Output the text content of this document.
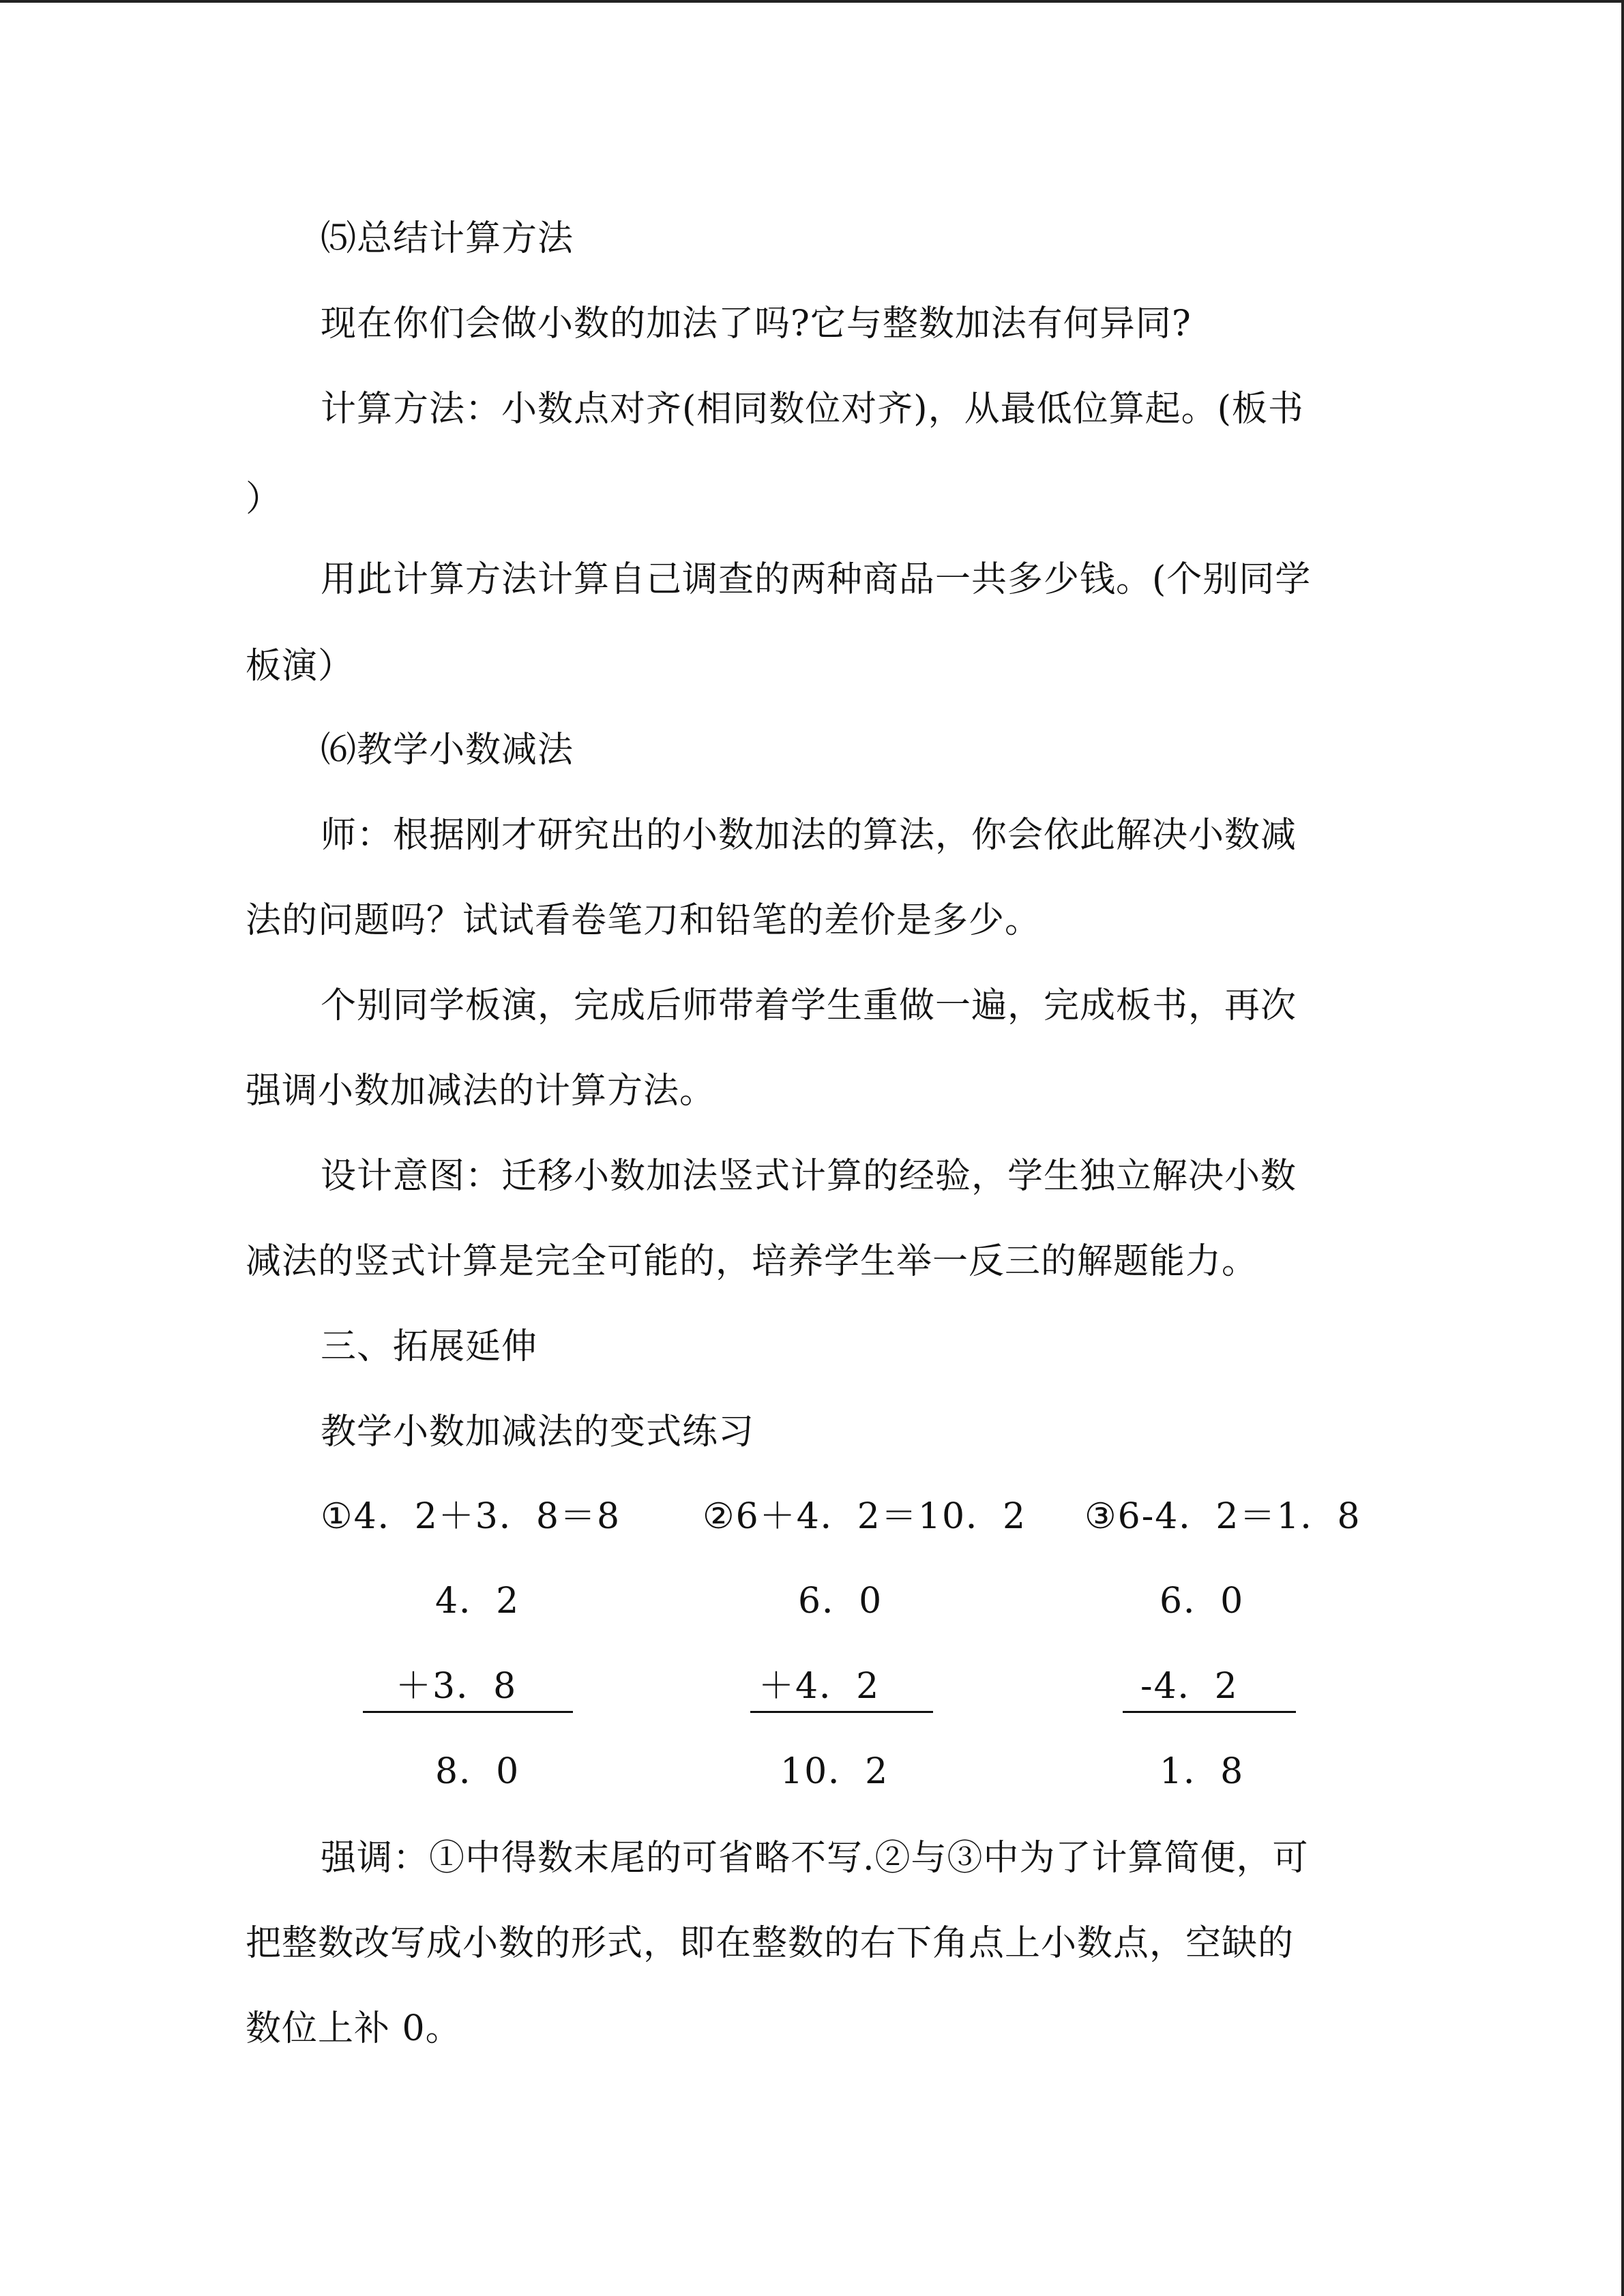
⑸总结计算方法
现在你们会做小数的加法了吗?它与整数加法有何异同?
计算方法：小数点对齐(相同数位对齐)，从最低位算起。(板书
）
用此计算方法计算自己调查的两种商品一共多少钱。(个别同学
板演）
⑹教学小数减法
师：根据刚才研究出的小数加法的算法，你会依此解决小数减
法的问题吗？试试看卷笔刀和铅笔的差价是多少。
个别同学板演，完成后师带着学生重做一遍，完成板书，再次
强调小数加减法的计算方法。
设计意图：迁移小数加法竖式计算的经验，学生独立解决小数
减法的竖式计算是完全可能的，培养学生举一反三的解题能力。
三、拓展延伸
教学小数加减法的变式练习
①4．2＋3．8＝8 ②6＋4．2＝10．2 ③6-4．2＝1．8
4．2
＋3．8
8．0
6．0
＋4．2
10．2
6．0
-4．2
1．8
强调：①中得数末尾的可省略不写.②与③中为了计算简便，可
把整数改写成小数的形式，即在整数的右下角点上小数点，空缺的
数位上补 0。
